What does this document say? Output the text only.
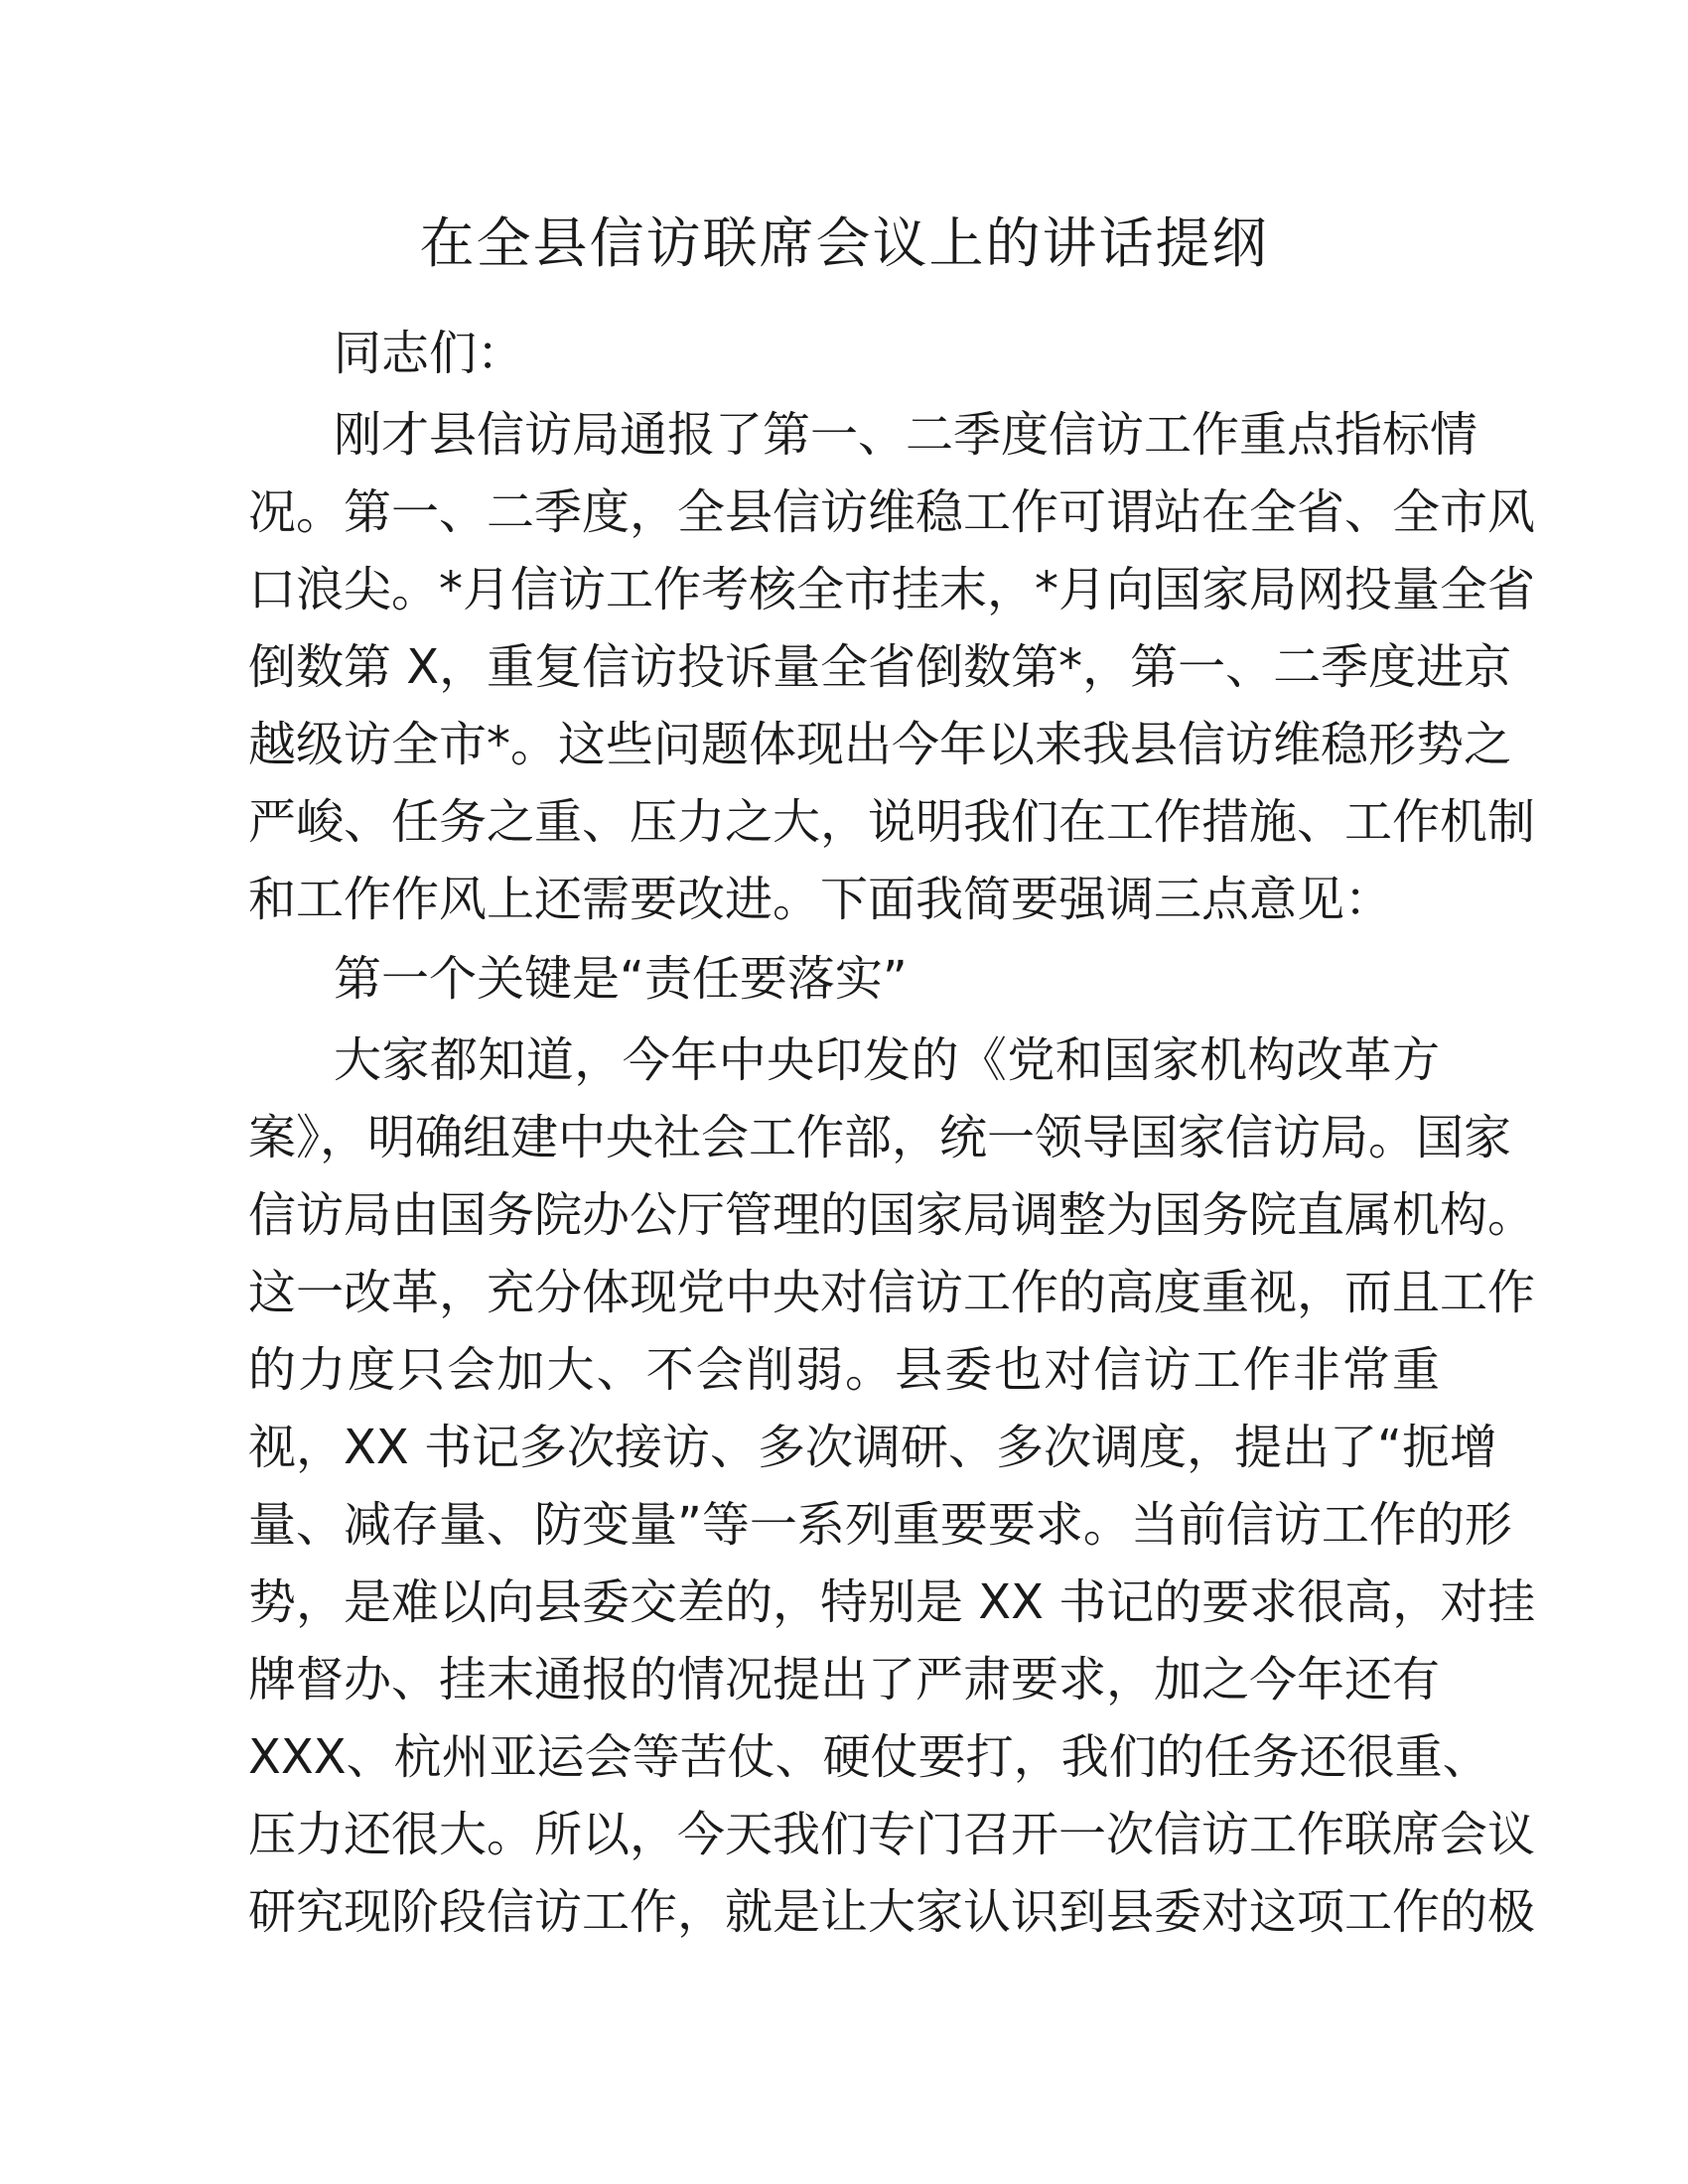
在全县信访联席会议上的讲话提纲

同志们：

刚才县信访局通报了第一、二季度信访工作重点指标情

况。第一、二季度，全县信访维稳工作可谓站在全省、全市风

口浪尖。*月信访工作考核全市挂末，*月向国家局网投量全省

倒数第 X，重复信访投诉量全省倒数第*，第一、二季度进京

越级访全市*。这些问题体现出今年以来我县信访维稳形势之

严峻、任务之重、压力之大，说明我们在工作措施、工作机制

和工作作风上还需要改进。下面我简要强调三点意见：

第一个关键是“责任要落实”

大家都知道，今年中央印发的《党和国家机构改革方

案》，明确组建中央社会工作部，统一领导国家信访局。国家

信访局由国务院办公厅管理的国家局调整为国务院直属机构。

这一改革，充分体现党中央对信访工作的高度重视，而且工作

的力度只会加大、不会削弱。县委也对信访工作非常重

视，XX 书记多次接访、多次调研、多次调度，提出了“扼增

量、减存量、防变量”等一系列重要要求。当前信访工作的形

势，是难以向县委交差的，特别是 XX 书记的要求很高，对挂

牌督办、挂末通报的情况提出了严肃要求，加之今年还有

XXX、杭州亚运会等苦仗、硬仗要打，我们的任务还很重、

压力还很大。所以，今天我们专门召开一次信访工作联席会议

研究现阶段信访工作，就是让大家认识到县委对这项工作的极
